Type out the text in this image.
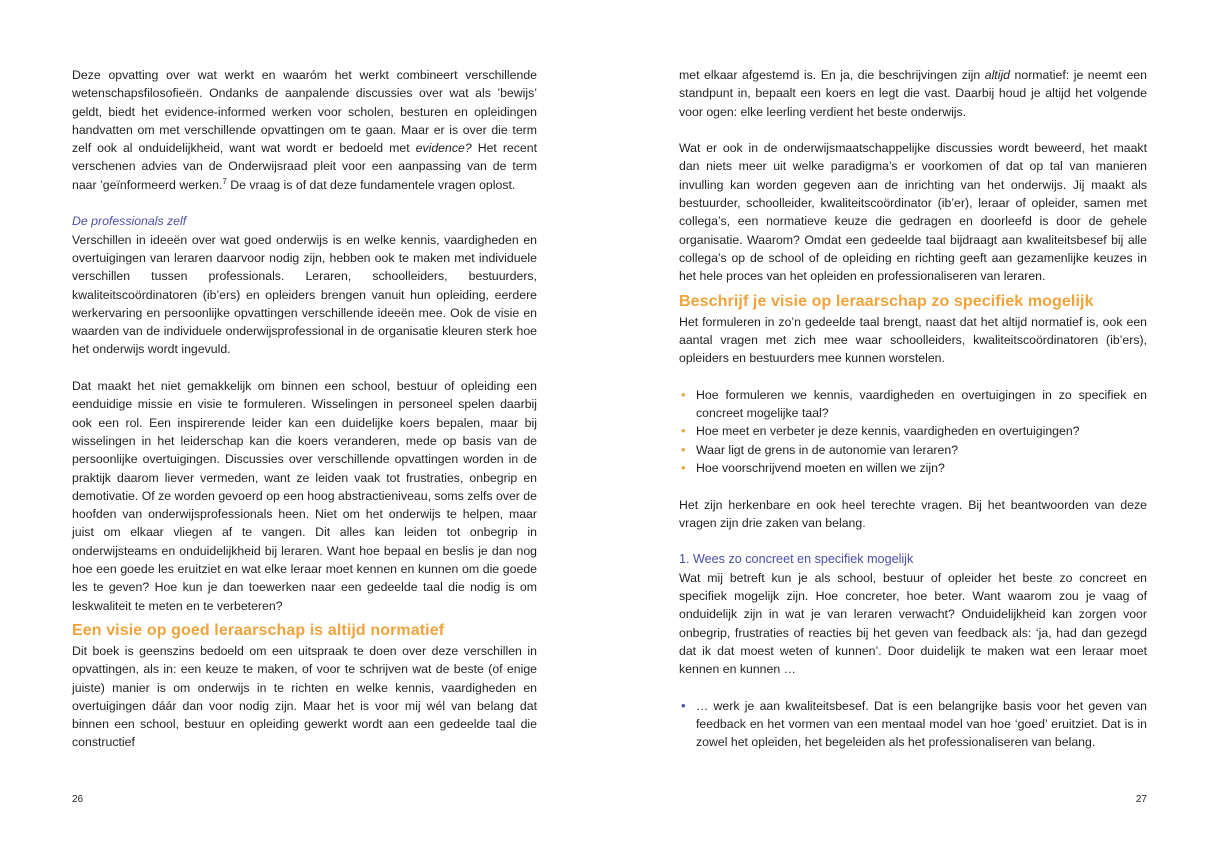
Deze opvatting over wat werkt en waaróm het werkt combineert verschillende wetenschapsfilosofieën. Ondanks de aanpalende discussies over wat als ’bewijs’ geldt, biedt het evidence-informed werken voor scholen, besturen en opleidingen handvatten om met verschillende opvattingen om te gaan. Maar er is over die term zelf ook al onduidelijkheid, want wat wordt er bedoeld met evidence? Het recent verschenen advies van de Onderwijsraad pleit voor een aanpassing van de term naar ’geïnformeerd werken.$^7$ De vraag is of dat deze fundamentele vragen oplost.

De professionals zelf

Verschillen in ideeën over wat goed onderwijs is en welke kennis, vaardigheden en overtuigingen van leraren daarvoor nodig zijn, hebben ook te maken met individuele verschillen tussen professionals. Leraren, schoolleiders, bestuurders, kwaliteitscoördinatoren (ib’ers) en opleiders brengen vanuit hun opleiding, eerdere werkervaring en persoonlijke opvattingen verschillende ideeën mee. Ook de visie en waarden van de individuele onderwijsprofessional in de organisatie kleuren sterk hoe het onderwijs wordt ingevuld.

Dat maakt het niet gemakkelijk om binnen een school, bestuur of opleiding een eenduidige missie en visie te formuleren. Wisselingen in personeel spelen daarbij ook een rol. Een inspirerende leider kan een duidelijke koers bepalen, maar bij wisselingen in het leiderschap kan die koers veranderen, mede op basis van de persoonlijke overtuigingen. Discussies over verschillende opvattingen worden in de praktijk daarom liever vermeden, want ze leiden vaak tot frustraties, onbegrip en demotivatie. Of ze worden gevoerd op een hoog abstractieniveau, soms zelfs over de hoofden van onderwijsprofessionals heen. Niet om het onderwijs te helpen, maar juist om elkaar vliegen af te vangen. Dit alles kan leiden tot onbegrip in onderwijsteams en onduidelijkheid bij leraren. Want hoe bepaal en beslis je dan nog hoe een goede les eruitziet en wat elke leraar moet kennen en kunnen om die goede les te geven? Hoe kun je dan toewerken naar een gedeelde taal die nodig is om leskwaliteit te meten en te verbeteren?

Een visie op goed leraarschap is altijd normatief

Dit boek is geenszins bedoeld om een uitspraak te doen over deze verschillen in opvattingen, als in: een keuze te maken, of voor te schrijven wat de beste (of enige juiste) manier is om onderwijs in te richten en welke kennis, vaardigheden en overtuigingen dáár dan voor nodig zijn. Maar het is voor mij wél van belang dat binnen een school, bestuur en opleiding gewerkt wordt aan een gedeelde taal die constructief

26

met elkaar afgestemd is. En ja, die beschrijvingen zijn altijd normatief: je neemt een standpunt in, bepaalt een koers en legt die vast. Daarbij houd je altijd het volgende voor ogen: elke leerling verdient het beste onderwijs.

Wat er ook in de onderwijsmaatschappelijke discussies wordt beweerd, het maakt dan niets meer uit welke paradigma’s er voorkomen of dat op tal van manieren invulling kan worden gegeven aan de inrichting van het onderwijs. Jij maakt als bestuurder, schoolleider, kwaliteitscoördinator (ib’er), leraar of opleider, samen met collega’s, een normatieve keuze die gedragen en doorleefd is door de gehele organisatie. Waarom? Omdat een gedeelde taal bijdraagt aan kwaliteitsbesef bij alle collega’s op de school of de opleiding en richting geeft aan gezamenlijke keuzes in het hele proces van het opleiden en professionaliseren van leraren.

Beschrijf je visie op leraarschap zo specifiek mogelijk

Het formuleren in zo’n gedeelde taal brengt, naast dat het altijd normatief is, ook een aantal vragen met zich mee waar schoolleiders, kwaliteitscoördinatoren (ib’ers), opleiders en bestuurders mee kunnen worstelen.

• Hoe formuleren we kennis, vaardigheden en overtuigingen in zo specifiek en concreet mogelijke taal?
• Hoe meet en verbeter je deze kennis, vaardigheden en overtuigingen?
• Waar ligt de grens in de autonomie van leraren?
• Hoe voorschrijvend moeten en willen we zijn?

Het zijn herkenbare en ook heel terechte vragen. Bij het beantwoorden van deze vragen zijn drie zaken van belang.

1. Wees zo concreet en specifiek mogelijk

Wat mij betreft kun je als school, bestuur of opleider het beste zo concreet en specifiek mogelijk zijn. Hoe concreter, hoe beter. Want waarom zou je vaag of onduidelijk zijn in wat je van leraren verwacht? Onduidelijkheid kan zorgen voor onbegrip, frustraties of reacties bij het geven van feedback als: ‘ja, had dan gezegd dat ik dat moest weten of kunnen’. Door duidelijk te maken wat een leraar moet kennen en kunnen …

• … werk je aan kwaliteitsbesef. Dat is een belangrijke basis voor het geven van feedback en het vormen van een mentaal model van hoe ‘goed’ eruitziet. Dat is in zowel het opleiden, het begeleiden als het professionaliseren van belang.
27
